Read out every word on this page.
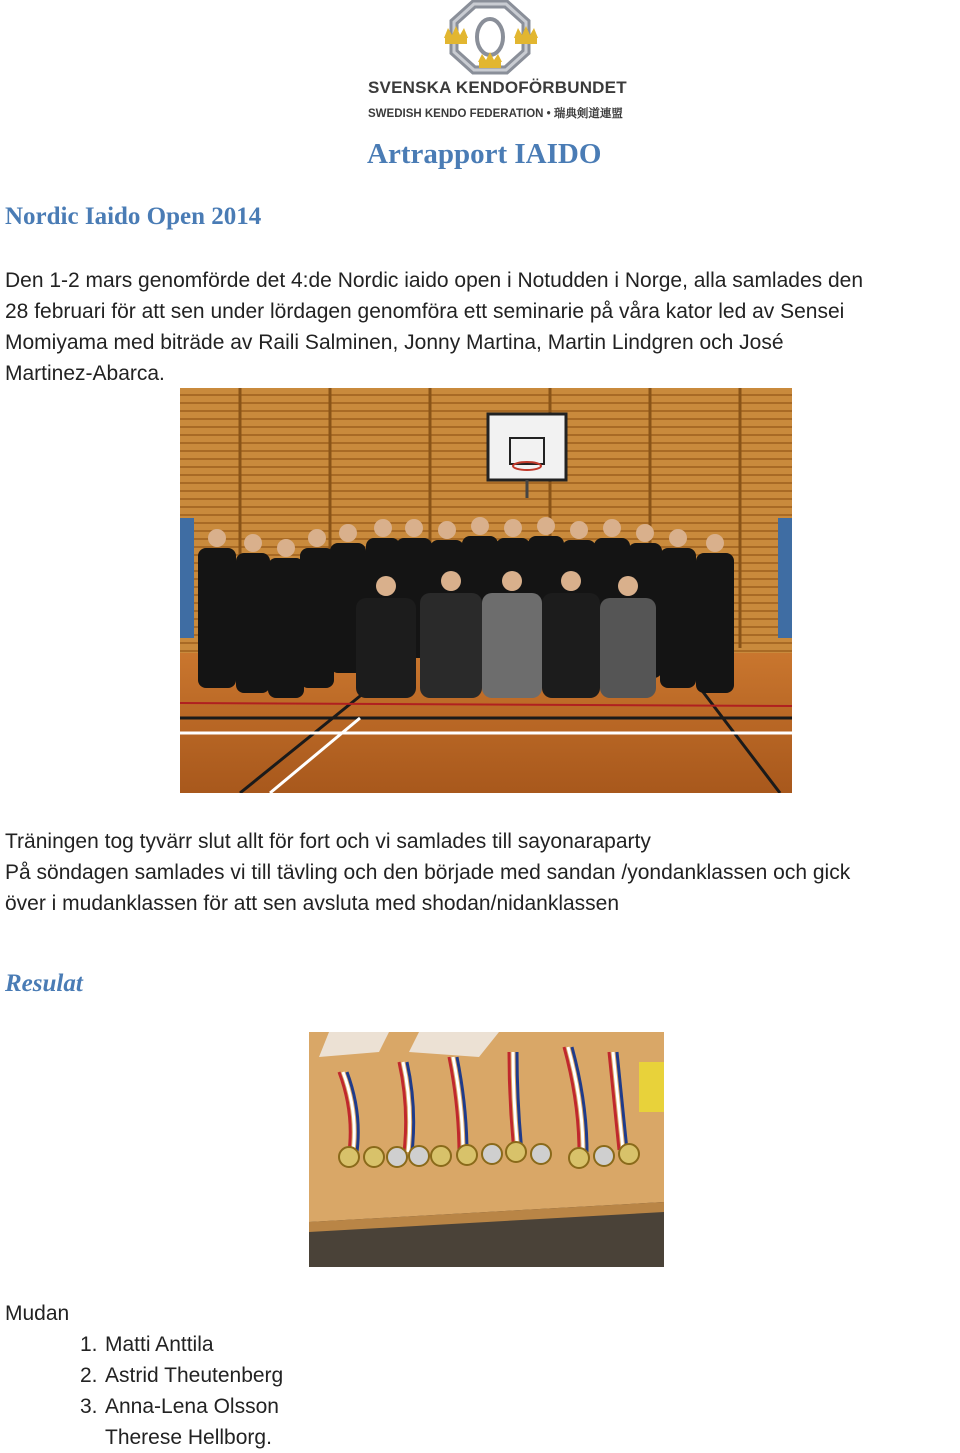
SVENSKA KENDOFÖRBUNDET
SWEDISH KENDO FEDERATION • 瑞典剣道連盟
Artrapport IAIDO
Nordic Iaido Open 2014
Den 1-2 mars genomförde det 4:de Nordic iaido open i Notudden i Norge, alla samlades den
28 februari för att sen under lördagen genomföra ett seminarie på våra kator led av Sensei
Momiyama med biträde av Raili Salminen, Jonny Martina, Martin Lindgren och José
Martinez-Abarca.
Träningen tog tyvärr slut allt för fort och vi samlades till sayonaraparty
På söndagen samlades vi till tävling och den började med sandan /yondanklassen och gick
över i mudanklassen för att sen avsluta med shodan/nidanklassen
Resulat
Mudan
1. Matti Anttila
2. Astrid Theutenberg
3. Anna-Lena Olsson
Therese Hellborg.
